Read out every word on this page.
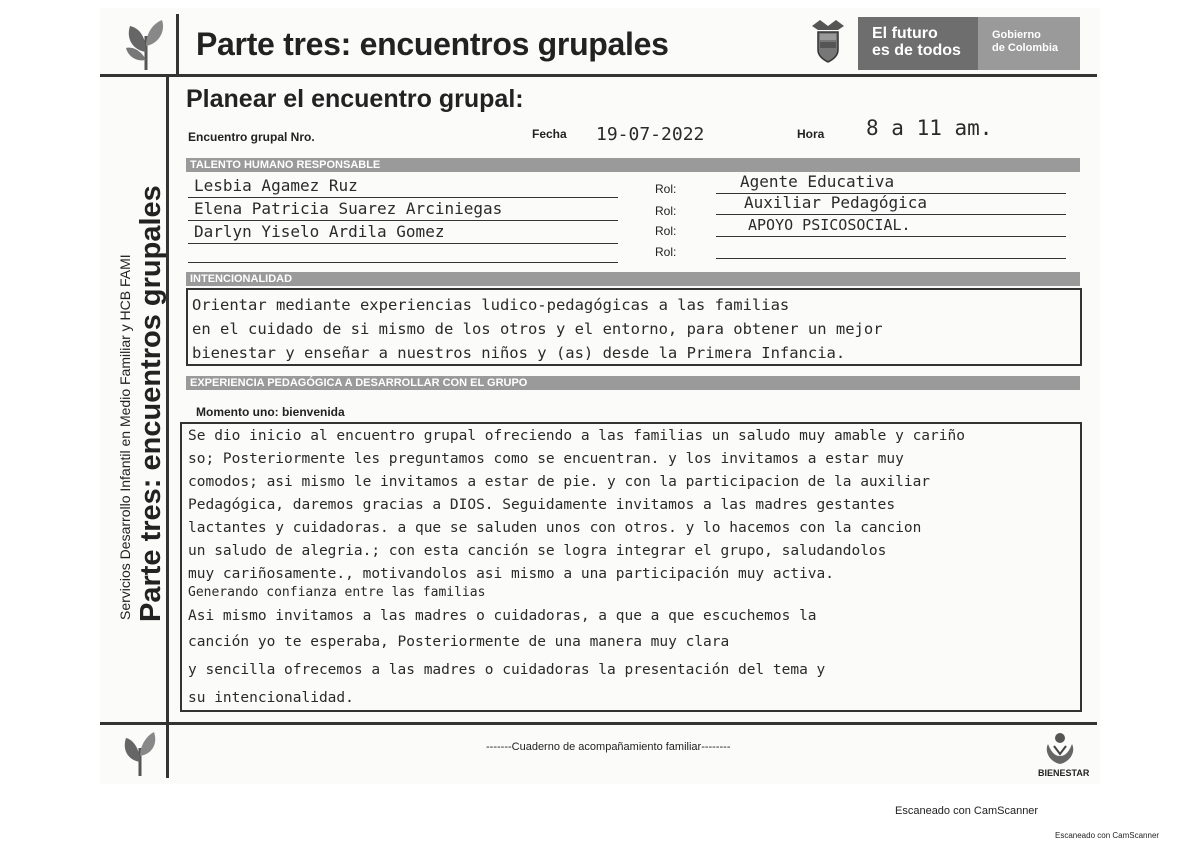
Parte tres: encuentros grupales	El futuro
es de todos
Gobierno
de Colombia
Servicios Desarrollo Infantil en Medio Familiar y HCB FAMI Parte tres: encuentros grupales
Planear el encuentro grupal:
Encuentro grupal Nro.	Fecha 19-07-2022	Hora 8 a 11 am.
TALENTO HUMANO RESPONSABLE
Lesbia Agamez Ruz	Rol:	Agente Educativa
Elena Patricia Suarez Arciniegas	Rol:	Auxiliar Pedagógica
Darlyn Yiselo Ardila Gomez	Rol:	APOYO PSICOSOCIAL.
Rol:
INTENCIONALIDAD
Orientar mediante experiencias ludico-pedagógicas a las familias
en el cuidado de si mismo de los otros y el entorno, para obtener un mejor
bienestar y enseñar a nuestros niños y (as) desde la Primera Infancia.
EXPERIENCIA PEDAGÓGICA A DESARROLLAR CON EL GRUPO
Momento uno: bienvenida
Se dio inicio al encuentro grupal ofreciendo a las familias un saludo muy amable y cariño
so; Posteriormente les preguntamos como se encuentran. y los invitamos a estar muy
comodos; asi mismo le invitamos a estar de pie. y con la participacion de la auxiliar
Pedagógica, daremos gracias a DIOS. Seguidamente invitamos a las madres gestantes
lactantes y cuidadoras. a que se saluden unos con otros. y lo hacemos con la cancion
un saludo de alegria.; con esta canción se logra integrar el grupo, saludandolos
muy cariñosamente., motivandolos asi mismo a una participación muy activa.
Generando confianza entre las familias
Asi mismo invitamos a las madres o cuidadoras, a que a que escuchemos la
canción yo te esperaba, Posteriormente de una manera muy clara
y sencilla ofrecemos a las madres o cuidadoras la presentación del tema y
su intencionalidad.
-------Cuaderno de acompañamiento familiar--------
BIENESTAR
Escaneado con CamScanner
Escaneado con CamScanner
